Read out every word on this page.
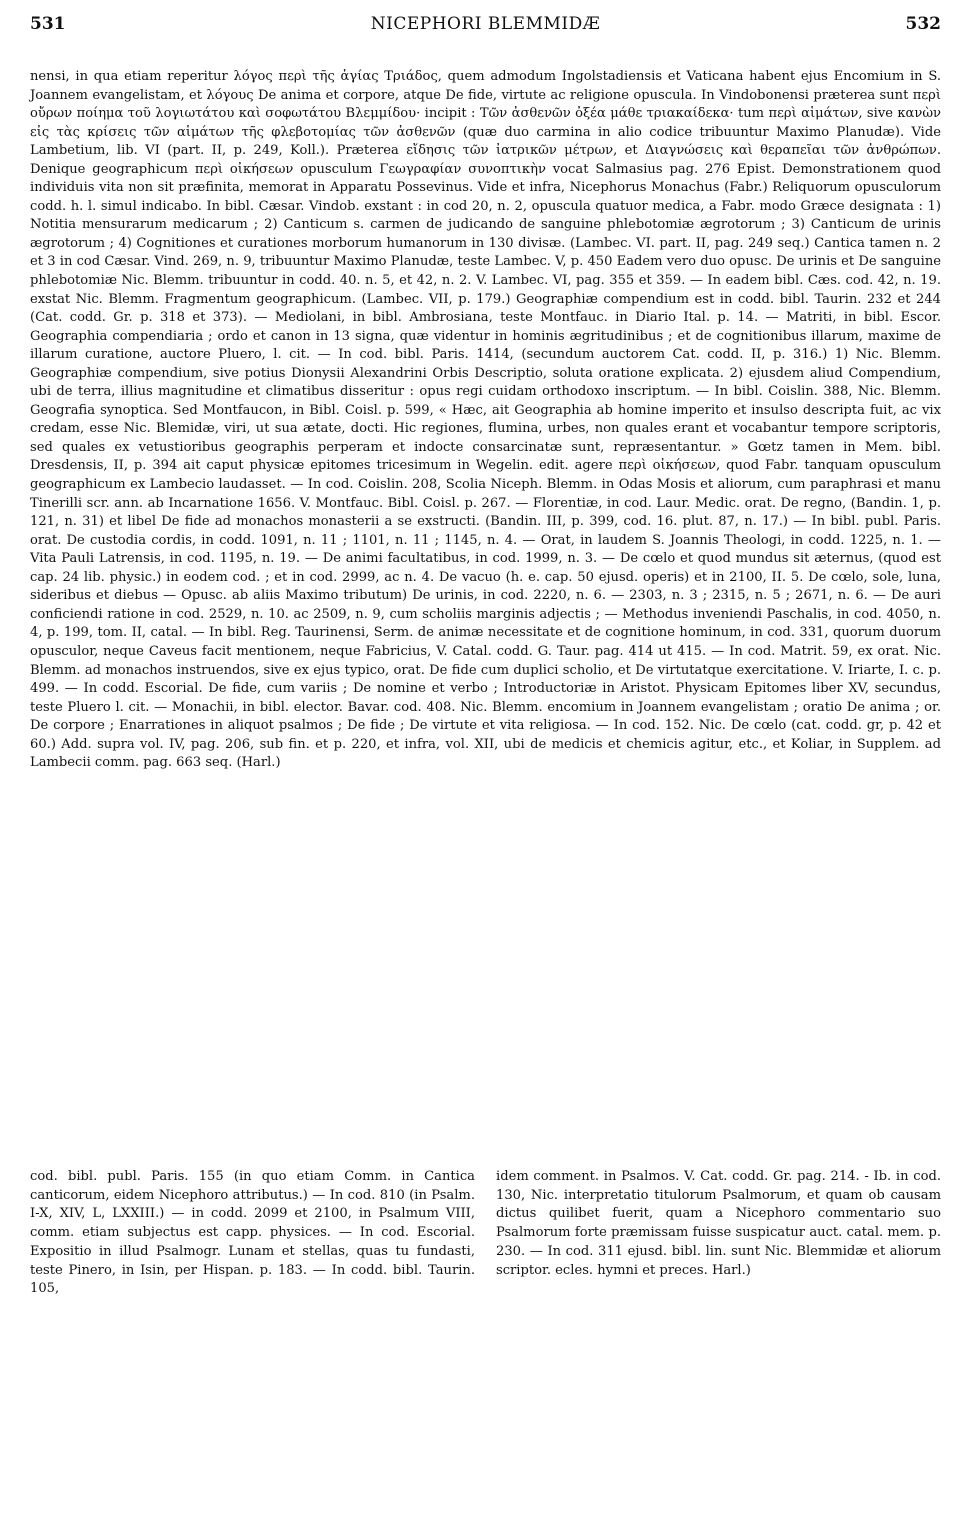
531	NICEPHORI BLEMMIDÆ	532

nensi, in qua etiam reperitur λόγος περὶ τῆς ἁγίας Τριάδος, quem admodum Ingolstadiensis et Vaticana habent ejus Encomium in S. Joannem evangelistam, et λόγους De anima et corpore, atque De fide, virtute ac religione opuscula. In Vindobonensi præterea sunt περὶ οὔρων ποίημα τοῦ λογιωτάτου καὶ σοφωτάτου Βλεμμίδου· incipit : Τῶν ἀσθενῶν ὀξέα μάθε τριακαίδεκα· tum περὶ αἱμάτων, sive κανὼν εἰς τὰς κρίσεις τῶν αἱμάτων τῆς φλεβοτομίας τῶν ἀσθενῶν (quæ duo carmina in alio codice tribuuntur Maximo Planudæ). Vide Lambetium, lib. VI (part. II, p. 249, Koll.). Præterea εἴδησις τῶν ἰατρικῶν μέτρων, et Διαγνώσεις καὶ θεραπεῖαι τῶν ἀνθρώπων. Denique geographicum περὶ οἰκήσεων opusculum Γεωγραφίαν συνοπτικὴν vocat Salmasius pag. 276 Epist. Demonstrationem quod individuis vita non sit præfinita, memorat in Apparatu Possevinus. Vide et infra, Nicephorus Monachus (Fabr.) Reliquorum opusculorum codd. h. l. simul indicabo. In bibl. Cæsar. Vindob. exstant : in cod 20, n. 2, opuscula quatuor medica, a Fabr. modo Græce designata : 1) Notitia mensurarum medicarum ; 2) Canticum s. carmen de judicando de sanguine phlebotomiæ ægrotorum ; 3) Canticum de urinis ægrotorum ; 4) Cognitiones et curationes morborum humanorum in 130 divisæ. (Lambec. VI. part. II, pag. 249 seq.) Cantica tamen n. 2 et 3 in cod Cæsar. Vind. 269, n. 9, tribuuntur Maximo Planudæ, teste Lambec. V, p. 450 Eadem vero duo opusc. De urinis et De sanguine phlebotomiæ Nic. Blemm. tribuuntur in codd. 40. n. 5, et 42, n. 2. V. Lambec. VI, pag. 355 et 359. — In eadem bibl. Cæs. cod. 42, n. 19. exstat Nic. Blemm. Fragmentum geographicum. (Lambec. VII, p. 179.) Geographiæ compendium est in codd. bibl. Taurin. 232 et 244 (Cat. codd. Gr. p. 318 et 373). — Mediolani, in bibl. Ambrosiana, teste Montfauc. in Diario Ital. p. 14. — Matriti, in bibl. Escor. Geographia compendiaria ; ordo et canon in 13 signa, quæ videntur in hominis ægritudinibus ; et de cognitionibus illarum, maxime de illarum curatione, auctore Pluero, l. cit. — In cod. bibl. Paris. 1414, (secundum auctorem Cat. codd. II, p. 316.) 1) Nic. Blemm. Geographiæ compendium, sive potius Dionysii Alexandrini Orbis Descriptio, soluta oratione explicata. 2) ejusdem aliud Compendium, ubi de terra, illius magnitudine et climatibus disseritur : opus regi cuidam orthodoxo inscriptum. — In bibl. Coislin. 388, Nic. Blemm. Geografia synoptica. Sed Montfaucon, in Bibl. Coisl. p. 599, « Hæc, ait Geographia ab homine imperito et insulso descripta fuit, ac vix credam, esse Nic. Blemidæ, viri, ut sua ætate, docti. Hic regiones, flumina, urbes, non quales erant et vocabantur tempore scriptoris, sed quales ex vetustioribus geographis perperam et indocte consarcinatæ sunt, repræsentantur. » Gœtz tamen in Mem. bibl. Dresdensis, II, p. 394 ait caput physicæ epitomes tricesimum in Wegelin. edit. agere περὶ οἰκήσεων, quod Fabr. tanquam opusculum geographicum ex Lambecio laudasset. — In cod. Coislin. 208, Scolia Niceph. Blemm. in Odas Mosis et aliorum, cum paraphrasi et manu Tinerilli scr. ann. ab Incarnatione 1656. V. Montfauc. Bibl. Coisl. p. 267. — Florentiæ, in cod. Laur. Medic. orat. De regno, (Bandin. 1, p. 121, n. 31) et libel De fide ad monachos monasterii a se exstructi. (Bandin. III, p. 399, cod. 16. plut. 87, n. 17.) — In bibl. publ. Paris. orat. De custodia cordis, in codd. 1091, n. 11 ; 1101, n. 11 ; 1145, n. 4. — Orat, in laudem S. Joannis Theologi, in codd. 1225, n. 1. — Vita Pauli Latrensis, in cod. 1195, n. 19. — De animi facultatibus, in cod. 1999, n. 3. — De cœlo et quod mundus sit æternus, (quod est cap. 24 lib. physic.) in eodem cod. ; et in cod. 2999, ac n. 4. De vacuo (h. e. cap. 50 ejusd. operis) et in 2100, II. 5. De cœlo, sole, luna, sideribus et diebus — Opusc. ab aliis Maximo tributum) De urinis, in cod. 2220, n. 6. — 2303, n. 3 ; 2315, n. 5 ; 2671, n. 6. — De auri conficiendi ratione in cod. 2529, n. 10. ac 2509, n. 9, cum scholiis marginis adjectis ; — Methodus inveniendi Paschalis, in cod. 4050, n. 4, p. 199, tom. II, catal. — In bibl. Reg. Taurinensi, Serm. de animæ necessitate et de cognitione hominum, in cod. 331, quorum duorum opusculor, neque Caveus facit mentionem, neque Fabricius, V. Catal. codd. G. Taur. pag. 414 ut 415. — In cod. Matrit. 59, ex orat. Nic. Blemm. ad monachos instruendos, sive ex ejus typico, orat. De fide cum duplici scholio, et De virtutatque exercitatione. V. Iriarte, I. c. p. 499. — In codd. Escorial. De fide, cum variis ; De nomine et verbo ; Introductoriæ in Aristot. Physicam Epitomes liber XV, secundus, teste Pluero l. cit. — Monachii, in bibl. elector. Bavar. cod. 408. Nic. Blemm. encomium in Joannem evangelistam ; oratio De anima ; or. De corpore ; Enarrationes in aliquot psalmos ; De fide ; De virtute et vita religiosa. — In cod. 152. Nic. De cœlo (cat. codd. gr, p. 42 et 60.) Add. supra vol. IV, pag. 206, sub fin. et p. 220, et infra, vol. XII, ubi de medicis et chemicis agitur, etc., et Koliar, in Supplem. ad Lambecii comm. pag. 663 seq. (Harl.)

cod. bibl. publ. Paris. 155 (in quo etiam Comm. in Cantica canticorum, eidem Nicephoro attributus.) — In cod. 810 (in Psalm. I-X, XIV, L, LXXIII.) — in codd. 2099 et 2100, in Psalmum VIII, comm. etiam subjectus est capp. physices. — In cod. Escorial. Expositio in illud Psalmogr. Lunam et stellas, quas tu fundasti, teste Pinero, in Isin, per Hispan. p. 183. — In codd. bibl. Taurin. 105,

idem comment. in Psalmos. V. Cat. codd. Gr. pag. 214. - Ib. in cod. 130, Nic. interpretatio titulorum Psalmorum, et quam ob causam dictus quilibet fuerit, quam a Nicephoro commentario suo Psalmorum forte præmissam fuisse suspicatur auct. catal. mem. p. 230. — In cod. 311 ejusd. bibl. lin. sunt Nic. Blemmidæ et aliorum scriptor. ecles. hymni et preces. Harl.)
